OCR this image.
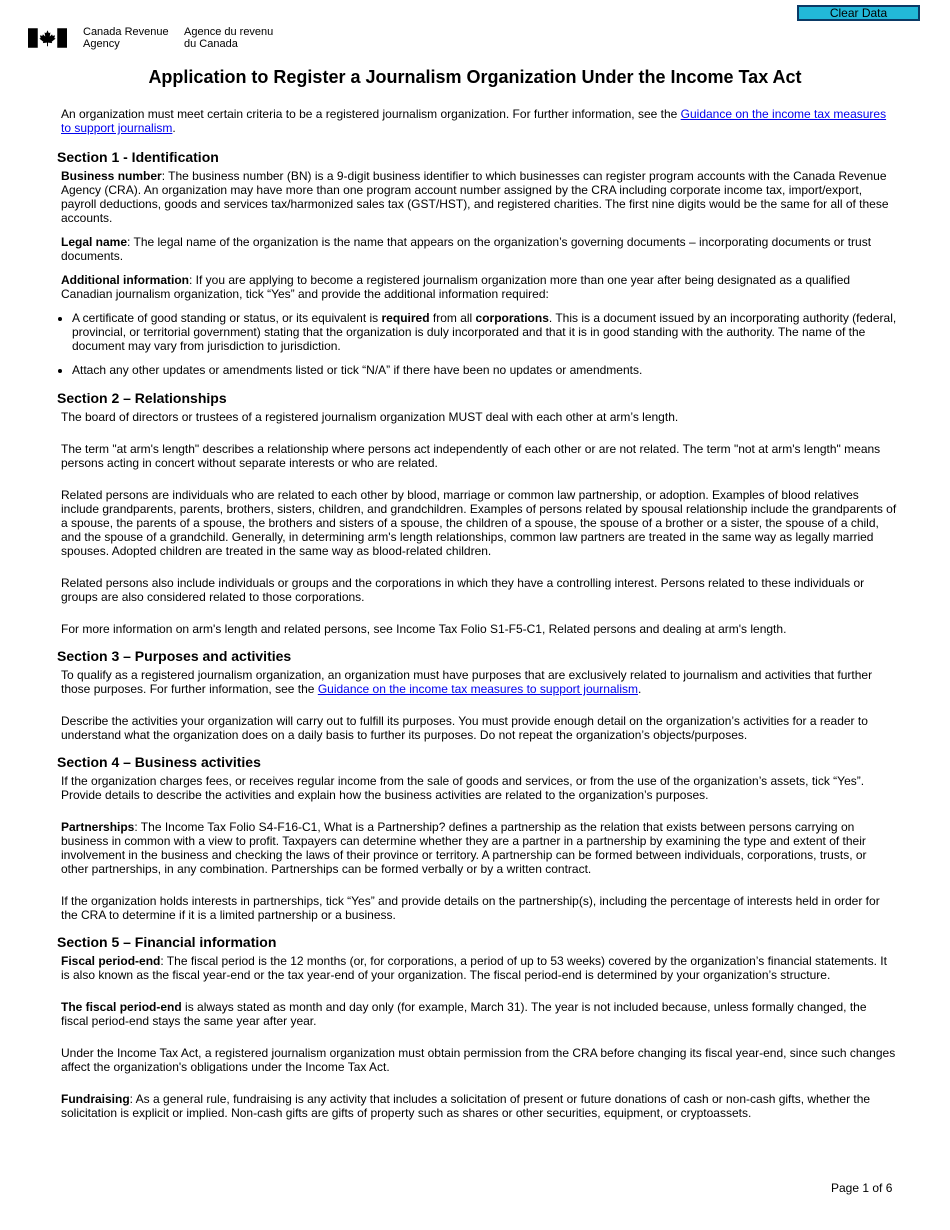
Clear Data
Canada Revenue
Agency
Agence du revenu
du Canada
Application to Register a Journalism Organization Under the Income Tax Act

An organization must meet certain criteria to be a registered journalism organization. For further information, see the Guidance on the income tax measures to support journalism.

Section 1 - Identification

Business number: The business number (BN) is a 9-digit business identifier to which businesses can register program accounts with the Canada Revenue Agency (CRA). An organization may have more than one program account number assigned by the CRA including corporate income tax, import/export, payroll deductions, goods and services tax/harmonized sales tax (GST/HST), and registered charities. The first nine digits would be the same for all of these accounts.

Legal name: The legal name of the organization is the name that appears on the organization’s governing documents – incorporating documents or trust documents.

Additional information: If you are applying to become a registered journalism organization more than one year after being designated as a qualified Canadian journalism organization, tick “Yes” and provide the additional information required:

• A certificate of good standing or status, or its equivalent is required from all corporations. This is a document issued by an incorporating authority (federal, provincial, or territorial government) stating that the organization is duly incorporated and that it is in good standing with the authority. The name of the document may vary from jurisdiction to jurisdiction.
• Attach any other updates or amendments listed or tick “N/A” if there have been no updates or amendments.
Section 2 – Relationships

The board of directors or trustees of a registered journalism organization MUST deal with each other at arm’s length.

The term "at arm's length" describes a relationship where persons act independently of each other or are not related. The term "not at arm's length" means persons acting in concert without separate interests or who are related.

Related persons are individuals who are related to each other by blood, marriage or common law partnership, or adoption. Examples of blood relatives include grandparents, parents, brothers, sisters, children, and grandchildren. Examples of persons related by spousal relationship include the grandparents of a spouse, the parents of a spouse, the brothers and sisters of a spouse, the children of a spouse, the spouse of a brother or a sister, the spouse of a child, and the spouse of a grandchild. Generally, in determining arm's length relationships, common law partners are treated in the same way as legally married spouses. Adopted children are treated in the same way as blood-related children.

Related persons also include individuals or groups and the corporations in which they have a controlling interest. Persons related to these individuals or groups are also considered related to those corporations.

For more information on arm's length and related persons, see Income Tax Folio S1-F5-C1, Related persons and dealing at arm's length.

Section 3 – Purposes and activities

To qualify as a registered journalism organization, an organization must have purposes that are exclusively related to journalism and activities that further those purposes. For further information, see the Guidance on the income tax measures to support journalism.

Describe the activities your organization will carry out to fulfill its purposes. You must provide enough detail on the organization’s activities for a reader to understand what the organization does on a daily basis to further its purposes. Do not repeat the organization’s objects/purposes.

Section 4 – Business activities

If the organization charges fees, or receives regular income from the sale of goods and services, or from the use of the organization’s assets, tick “Yes”. Provide details to describe the activities and explain how the business activities are related to the organization’s purposes.

Partnerships: The Income Tax Folio S4-F16-C1, What is a Partnership? defines a partnership as the relation that exists between persons carrying on business in common with a view to profit. Taxpayers can determine whether they are a partner in a partnership by examining the type and extent of their involvement in the business and checking the laws of their province or territory. A partnership can be formed between individuals, corporations, trusts, or other partnerships, in any combination. Partnerships can be formed verbally or by a written contract.

If the organization holds interests in partnerships, tick “Yes” and provide details on the partnership(s), including the percentage of interests held in order for the CRA to determine if it is a limited partnership or a business.

Section 5 – Financial information

Fiscal period-end: The fiscal period is the 12 months (or, for corporations, a period of up to 53 weeks) covered by the organization’s financial statements. It is also known as the fiscal year-end or the tax year-end of your organization. The fiscal period-end is determined by your organization’s structure.

The fiscal period-end is always stated as month and day only (for example, March 31). The year is not included because, unless formally changed, the fiscal period-end stays the same year after year.

Under the Income Tax Act, a registered journalism organization must obtain permission from the CRA before changing its fiscal year-end, since such changes affect the organization's obligations under the Income Tax Act.

Fundraising: As a general rule, fundraising is any activity that includes a solicitation of present or future donations of cash or non-cash gifts, whether the solicitation is explicit or implied. Non-cash gifts are gifts of property such as shares or other securities, equipment, or cryptoassets.

Page 1 of 6
